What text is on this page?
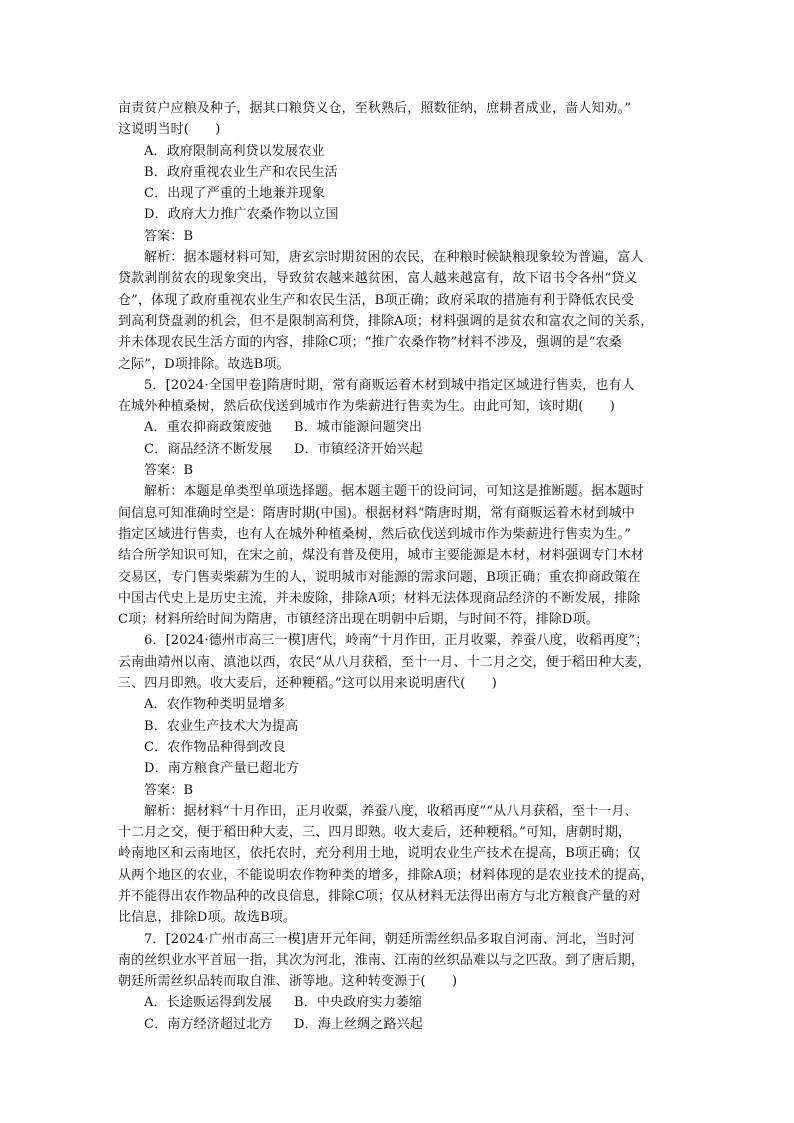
亩责贫户应粮及种子，据其口粮贷义仓，至秋熟后，照数征纳，庶耕者成业，啬人知劝。”
这说明当时(　　)
A．政府限制高利贷以发展农业
B．政府重视农业生产和农民生活
C．出现了严重的土地兼并现象
D．政府大力推广农桑作物以立国
答案：B
解析：据本题材料可知，唐玄宗时期贫困的农民，在种粮时候缺粮现象较为普遍，富人
贷款剥削贫农的现象突出，导致贫农越来越贫困，富人越来越富有，故下诏书令各州“贷义
仓”，体现了政府重视农业生产和农民生活，B项正确；政府采取的措施有利于降低农民受
到高利贷盘剥的机会，但不是限制高利贷，排除A项；材料强调的是贫农和富农之间的关系，
并未体现农民生活方面的内容，排除C项；“推广农桑作物”材料不涉及，强调的是“农桑
之际”，D项排除。故选B项。
5．[2024·全国甲卷]隋唐时期，常有商贩运着木材到城中指定区域进行售卖，也有人
在城外种植桑树，然后砍伐送到城市作为柴薪进行售卖为生。由此可知，该时期(　　)
A．重农抑商政策废弛	B．城市能源问题突出
C．商品经济不断发展	D．市镇经济开始兴起
答案：B
解析：本题是单类型单项选择题。据本题主题干的设问词，可知这是推断题。据本题时
间信息可知准确时空是：隋唐时期(中国)。根据材料“隋唐时期，常有商贩运着木材到城中
指定区域进行售卖，也有人在城外种植桑树，然后砍伐送到城市作为柴薪进行售卖为生。”
结合所学知识可知，在宋之前，煤没有普及使用，城市主要能源是木材，材料强调专门木材
交易区，专门售卖柴薪为生的人，说明城市对能源的需求问题，B项正确；重农抑商政策在
中国古代史上是历史主流，并未废除，排除A项；材料无法体现商品经济的不断发展，排除
C项；材料所给时间为隋唐，市镇经济出现在明朝中后期，与时间不符，排除D项。
6．[2024·德州市高三一模]唐代，岭南“十月作田，正月收粟，养蚕八度，收稻再度”；
云南曲靖州以南、滇池以西，农民“从八月获稻，至十一月、十二月之交，便于稻田种大麦，
三、四月即熟。收大麦后，还种粳稻。”这可以用来说明唐代(　　)
A．农作物种类明显增多
B．农业生产技术大为提高
C．农作物品种得到改良
D．南方粮食产量已超北方
答案：B
解析：据材料“十月作田，正月收粟，养蚕八度，收稻再度”“从八月获稻，至十一月、
十二月之交，便于稻田种大麦，三、四月即熟。收大麦后，还种粳稻。”可知，唐朝时期，
岭南地区和云南地区，依托农时，充分利用土地，说明农业生产技术在提高，B项正确；仅
从两个地区的农业，不能说明农作物种类的增多，排除A项；材料体现的是农业技术的提高，
并不能得出农作物品种的改良信息，排除C项；仅从材料无法得出南方与北方粮食产量的对
比信息，排除D项。故选B项。
7．[2024·广州市高三一模]唐开元年间，朝廷所需丝织品多取自河南、河北，当时河
南的丝织业水平首屈一指，其次为河北，淮南、江南的丝织品难以与之匹敌。到了唐后期，
朝廷所需丝织品转而取自淮、浙等地。这种转变源于(　　)
A．长途贩运得到发展	B．中央政府实力萎缩
C．南方经济超过北方	D．海上丝绸之路兴起
